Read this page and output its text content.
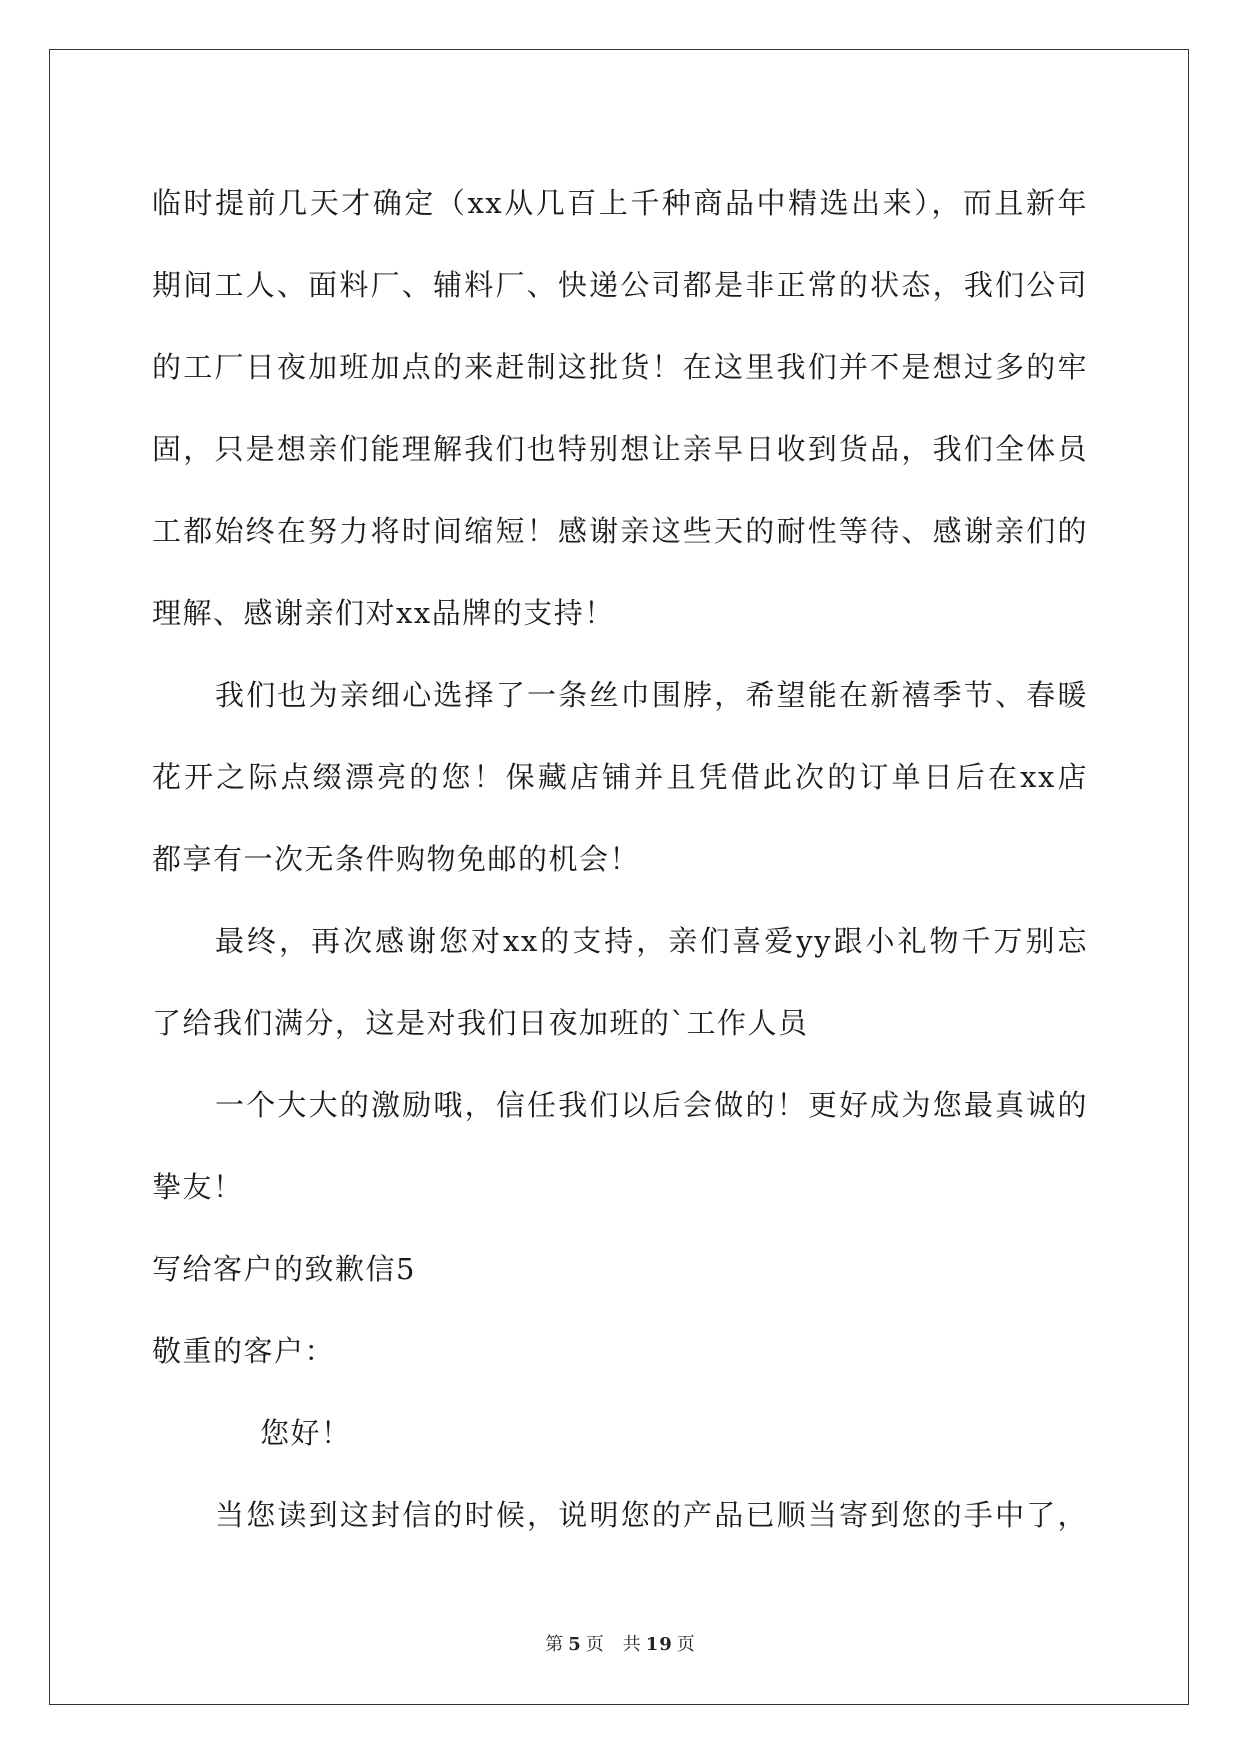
临时提前几天才确定（xx从几百上千种商品中精选出来），而且新年

期间工人、面料厂、辅料厂、快递公司都是非正常的状态，我们公司

的工厂日夜加班加点的来赶制这批货！在这里我们并不是想过多的牢

固，只是想亲们能理解我们也特别想让亲早日收到货品，我们全体员

工都始终在努力将时间缩短！感谢亲这些天的耐性等待、感谢亲们的

理解、感谢亲们对xx品牌的支持！

我们也为亲细心选择了一条丝巾围脖，希望能在新禧季节、春暖

花开之际点缀漂亮的您！保藏店铺并且凭借此次的订单日后在xx店

都享有一次无条件购物免邮的机会！

最终，再次感谢您对xx的支持，亲们喜爱yy跟小礼物千万别忘

了给我们满分，这是对我们日夜加班的`工作人员

一个大大的激励哦，信任我们以后会做的！更好成为您最真诚的

挚友！

写给客户的致歉信5

敬重的客户：

您好！

当您读到这封信的时候，说明您的产品已顺当寄到您的手中了，

第 5 页 共 19 页
